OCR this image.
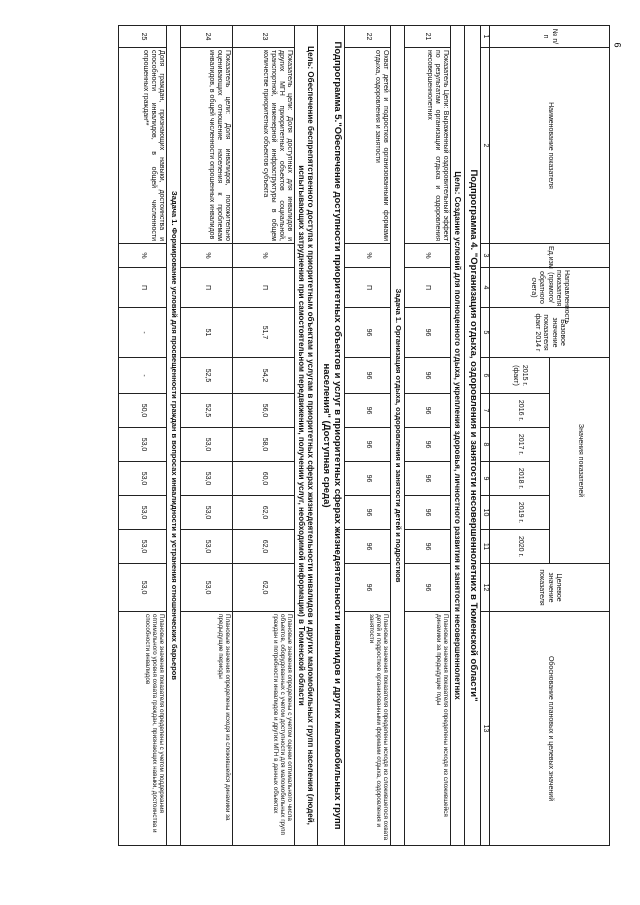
6
№ п/п	Наименование показателя	Ед.изм	Направленность показателя (прямого/обратного счета)	Базовое значение показателя факт 2014 г	Значения показателей						Целевое значение показателя	Обоснование плановых и целевых значений
					2015 г. (факт)	2016 г.	2017 г.	2018 г.	2019 г.	2020 г.		
1	2	3	4	5	6	7	8	9	10	11	12	13
Подпрограмма 4. "Организация отдыха, оздоровления и занятости несовершеннолетних в Тюменской области"												
Цель: Создание условий для полноценного отдыха, укрепления здоровья, личностного развития и занятости несовершеннолетних												
21	Показатель Цели: Выраженный оздоровительный эффект по результатам организации отдыха и оздоровления несовершеннолетних	%	П	96	96	96	96	96	96	96	96	Плановые значения показателя определены исходя из сложившейся динамики за предыдущие годы
Задача 1. Организация отдыха, оздоровления и занятости детей и подростков												
22	Охват детей и подростков организованными формами отдыха, оздоровления и занятости	%	П	96	96	96	96	96	96	96	96	Плановые значения показателя определены исходя из сложившегося охвата детей и подростков организованными формами отдыха, оздоровления и занятости
Подпрограмма 5."Обеспечение доступности приоритетных объектов и услуг в приоритетных сферах жизнедеятельности инвалидов и других маломобильных групп населения" (Доступная среда)												
Цель: Обеспечение беспрепятственного доступа к приоритетным объектам и услугам в приоритетных сферах жизнедеятельности инвалидов и других маломобильных групп населения (людей, испытывающих затруднения при самостоятельном передвижении, получении услуг, необходимой информации) в Тюменской области												
23	Показатель цели: Доля доступных для инвалидов и других МГН приоритетных объектов социальной, транспортной, инженерной инфраструктуры в общем количестве приоритетных объектов субъекта	%	П	51,7	54,2	56,0	58,0	60,0	62,0	62,0	62,0	Плановые значения определены с учетом оценки оптимального числа объектов, оборудованных с учетом доступности для маломобильных групп граждан и потребности инвалидов и других МГН в данных объектах
24	Показатель цели: Доля инвалидов, положительно оценивающих отношение населения к проблемам инвалидов, в общей численности опрошенных инвалидов	%	П	51	52,5	52,5	53,0	53,0	53,0	53,0	53,0	Плановые значения определены исходя из сложившейся динамики за предыдущие периоды
Задача 1. Формирование условий для просвещенности граждан в вопросах инвалидности и устранения отношенческих барьеров												
25	Доля граждан, признающих навыки, достоинства и способности инвалидов, в общей численности опрошенных граждан**	%	П	-	-	50,0	53,0	53,0	53,0	53,0	53,0	Плановые значения показателя определены с учетом поддержания оптимального уровня охвата граждан, признающих навыки, достоинства и способности инвалидов
